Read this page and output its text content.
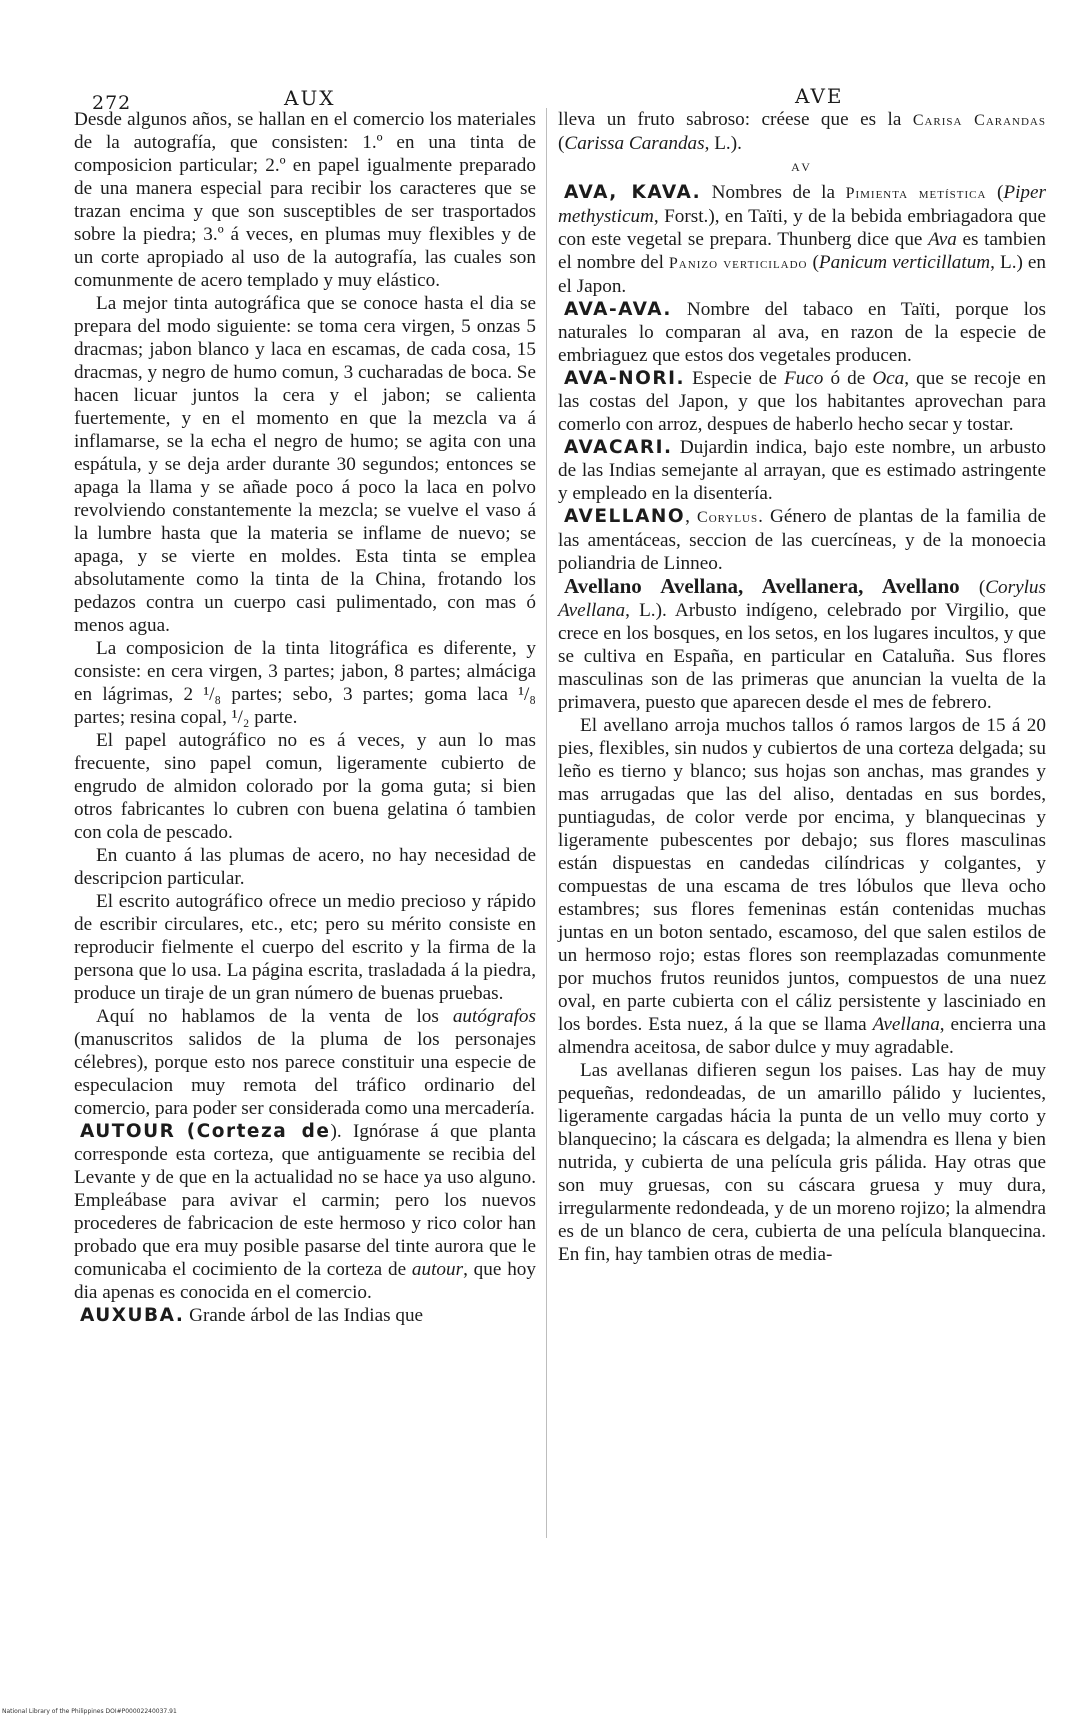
272	AUX	AVE

Desde algunos años, se hallan en el comercio los materiales de la autografía, que consisten: 1.º en una tinta de composicion particular; 2.º en papel igualmente preparado de una manera especial para recibir los caracteres que se trazan encima y que son susceptibles de ser trasportados sobre la piedra; 3.º á veces, en plumas muy flexibles y de un corte apropiado al uso de la autografía, las cuales son comunmente de acero templado y muy elástico.

La mejor tinta autográfica que se conoce hasta el dia se prepara del modo siguiente: se toma cera virgen, 5 onzas 5 dracmas; jabon blanco y laca en escamas, de cada cosa, 15 dracmas, y negro de humo comun, 3 cucharadas de boca. Se hacen licuar juntos la cera y el jabon; se calienta fuertemente, y en el momento en que la mezcla va á inflamarse, se la echa el negro de humo; se agita con una espátula, y se deja arder durante 30 segundos; entonces se apaga la llama y se añade poco á poco la laca en polvo revolviendo constantemente la mezcla; se vuelve el vaso á la lumbre hasta que la materia se inflame de nuevo; se apaga, y se vierte en moldes. Esta tinta se emplea absolutamente como la tinta de la China, frotando los pedazos contra un cuerpo casi pulimentado, con mas ó menos agua.

La composicion de la tinta litográfica es diferente, y consiste: en cera virgen, 3 partes; jabon, 8 partes; almáciga en lágrimas, 2 ¹/₈ partes; sebo, 3 partes; goma laca ¹/₈ partes; resina copal, ¹/₂ parte.

El papel autográfico no es á veces, y aun lo mas frecuente, sino papel comun, ligeramente cubierto de engrudo de almidon colorado por la goma guta; si bien otros fabricantes lo cubren con buena gelatina ó tambien con cola de pescado.

En cuanto á las plumas de acero, no hay necesidad de descripcion particular.

El escrito autográfico ofrece un medio precioso y rápido de escribir circulares, etc., etc; pero su mérito consiste en reproducir fielmente el cuerpo del escrito y la firma de la persona que lo usa. La página escrita, trasladada á la piedra, produce un tiraje de un gran número de buenas pruebas.

Aquí no hablamos de la venta de los autógrafos (manuscritos salidos de la pluma de los personajes célebres), porque esto nos parece constituir una especie de especulacion muy remota del tráfico ordinario del comercio, para poder ser considerada como una mercadería.

AUTOUR (Corteza de). Ignórase á que planta corresponde esta corteza, que antiguamente se recibia del Levante y de que en la actualidad no se hace ya uso alguno. Empleábase para avivar el carmin; pero los nuevos procederes de fabricacion de este hermoso y rico color han probado que era muy posible pasarse del tinte aurora que le comunicaba el cocimiento de la corteza de autour, que hoy dia apenas es conocida en el comercio.

AUXUBA. Grande árbol de las Indias que

lleva un fruto sabroso: créese que es la Carisa Carandas (Carissa Carandas, L.).

AV

AVA, KAVA. Nombres de la Pimienta metística (Piper methysticum, Forst.), en Taïti, y de la bebida embriagadora que con este vegetal se prepara. Thunberg dice que Ava es tambien el nombre del Panizo verticilado (Panicum verticillatum, L.) en el Japon.

AVA-AVA. Nombre del tabaco en Taïti, porque los naturales lo comparan al ava, en razon de la especie de embriaguez que estos dos vegetales producen.

AVA-NORI. Especie de Fuco ó de Oca, que se recoje en las costas del Japon, y que los habitantes aprovechan para comerlo con arroz, despues de haberlo hecho secar y tostar.

AVACARI. Dujardin indica, bajo este nombre, un arbusto de las Indias semejante al arrayan, que es estimado astringente y empleado en la disentería.

AVELLANO, Corylus. Género de plantas de la familia de las amentáceas, seccion de las cuercíneas, y de la monoecia poliandria de Linneo.

Avellano Avellana, Avellanera, Avellano (Corylus Avellana, L.). Arbusto indígeno, celebrado por Virgilio, que crece en los bosques, en los setos, en los lugares incultos, y que se cultiva en España, en particular en Cataluña. Sus flores masculinas son de las primeras que anuncian la vuelta de la primavera, puesto que aparecen desde el mes de febrero.

El avellano arroja muchos tallos ó ramos largos de 15 á 20 pies, flexibles, sin nudos y cubiertos de una corteza delgada; su leño es tierno y blanco; sus hojas son anchas, mas grandes y mas arrugadas que las del aliso, dentadas en sus bordes, puntiagudas, de color verde por encima, y blanquecinas y ligeramente pubescentes por debajo; sus flores masculinas están dispuestas en candedas cilíndricas y colgantes, y compuestas de una escama de tres lóbulos que lleva ocho estambres; sus flores femeninas están contenidas muchas juntas en un boton sentado, escamoso, del que salen estilos de un hermoso rojo; estas flores son reemplazadas comunmente por muchos frutos reunidos juntos, compuestos de una nuez oval, en parte cubierta con el cáliz persistente y lasciniado en los bordes. Esta nuez, á la que se llama Avellana, encierra una almendra aceitosa, de sabor dulce y muy agradable.

Las avellanas difieren segun los paises. Las hay de muy pequeñas, redondeadas, de un amarillo pálido y lucientes, ligeramente cargadas hácia la punta de un vello muy corto y blanquecino; la cáscara es delgada; la almendra es llena y bien nutrida, y cubierta de una película gris pálida. Hay otras que son muy gruesas, con su cáscara gruesa y muy dura, irregularmente redondeada, y de un moreno rojizo; la almendra es de un blanco de cera, cubierta de una película blanquecina. En fin, hay tambien otras de media-

National Library of the Philippines DOI#P00002240037.91
